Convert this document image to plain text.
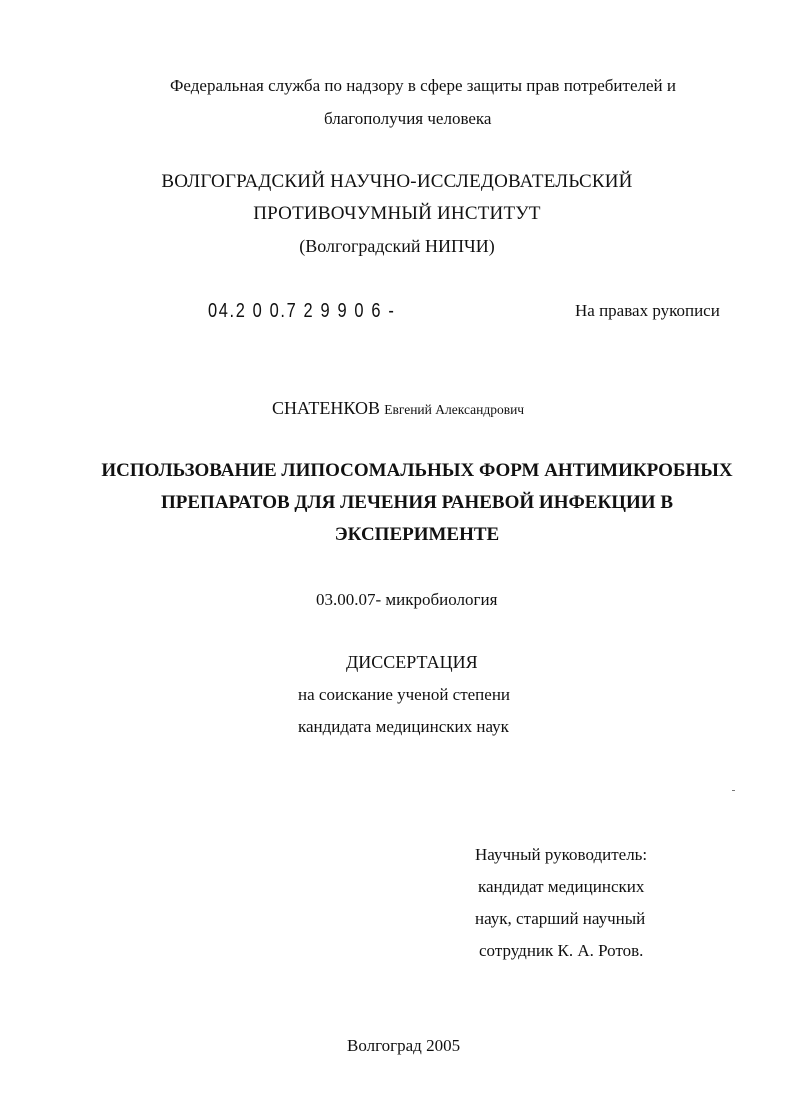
Федеральная служба по надзору в сфере защиты прав потребителей и
благополучия человека
ВОЛГОГРАДСКИЙ НАУЧНО-ИССЛЕДОВАТЕЛЬСКИЙ
ПРОТИВОЧУМНЫЙ ИНСТИТУТ
(Волгоградский НИПЧИ)
04.2 0 0.7 2 9 9 0 6 -	На правах рукописи
СНАТЕНКОВ Евгений Александрович
ИСПОЛЬЗОВАНИЕ ЛИПОСОМАЛЬНЫХ ФОРМ АНТИМИКРОБНЫХ
ПРЕПАРАТОВ ДЛЯ ЛЕЧЕНИЯ РАНЕВОЙ ИНФЕКЦИИ В
ЭКСПЕРИМЕНТЕ
03.00.07- микробиология
ДИССЕРТАЦИЯ
на соискание ученой степени
кандидата медицинских наук
Научный руководитель:
кандидат медицинских
наук, старший научный
сотрудник К. А. Ротов.
Волгоград 2005
